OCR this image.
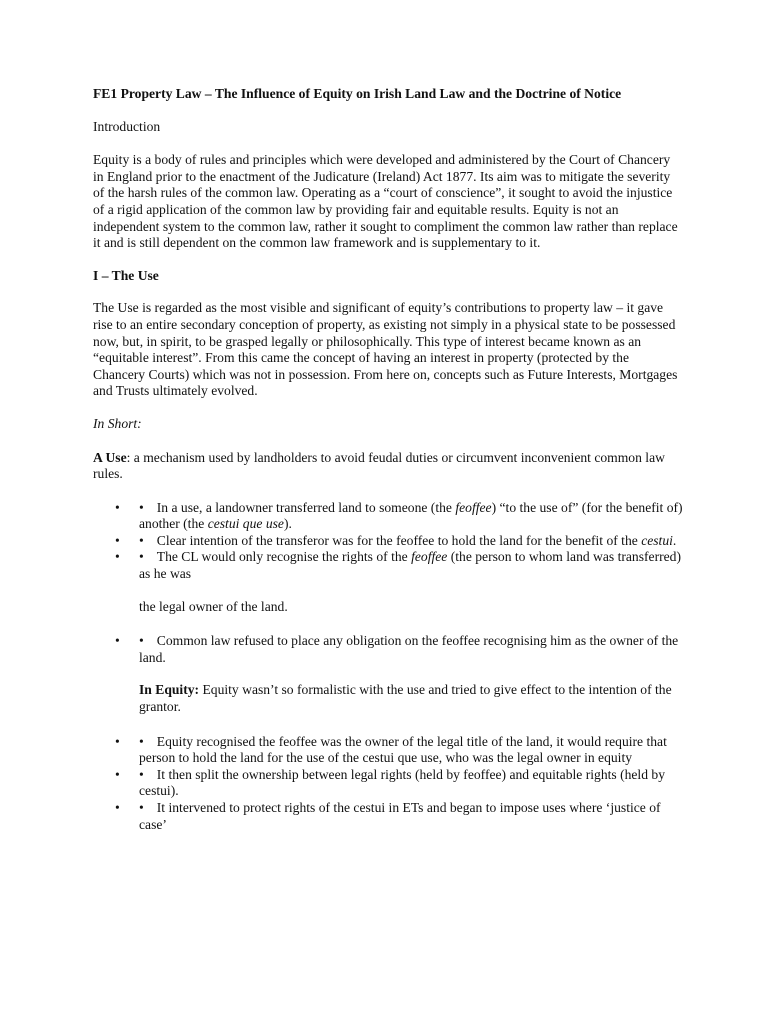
FE1 Property Law – The Influence of Equity on Irish Land Law and the Doctrine of Notice

Introduction

Equity is a body of rules and principles which were developed and administered by the Court of Chancery in England prior to the enactment of the Judicature (Ireland) Act 1877. Its aim was to mitigate the severity of the harsh rules of the common law. Operating as a “court of conscience”, it sought to avoid the injustice of a rigid application of the common law by providing fair and equitable results. Equity is not an independent system to the common law, rather it sought to compliment the common law rather than replace it and is still dependent on the common law framework and is supplementary to it.

I – The Use

The Use is regarded as the most visible and significant of equity’s contributions to property law – it gave rise to an entire secondary conception of property, as existing not simply in a physical state to be possessed now, but, in spirit, to be grasped legally or philosophically. This type of interest became known as an “equitable interest”. From this came the concept of having an interest in property (protected by the Chancery Courts) which was not in possession. From here on, concepts such as Future Interests, Mortgages and Trusts ultimately evolved.

In Short:

A Use: a mechanism used by landholders to avoid feudal duties or circumvent inconvenient common law rules.

• • In a use, a landowner transferred land to someone (the feoffee) “to the use of” (for the benefit of) another (the cestui que use).
• • Clear intention of the transferor was for the feoffee to hold the land for the benefit of the cestui.
• • The CL would only recognise the rights of the feoffee (the person to whom land was transferred) as he was

the legal owner of the land.

• • Common law refused to place any obligation on the feoffee recognising him as the owner of the land.

In Equity: Equity wasn’t so formalistic with the use and tried to give effect to the intention of the grantor.

• • Equity recognised the feoffee was the owner of the legal title of the land, it would require that person to hold the land for the use of the cestui que use, who was the legal owner in equity
• • It then split the ownership between legal rights (held by feoffee) and equitable rights (held by cestui).
• • It intervened to protect rights of the cestui in ETs and began to impose uses where ‘justice of case’
